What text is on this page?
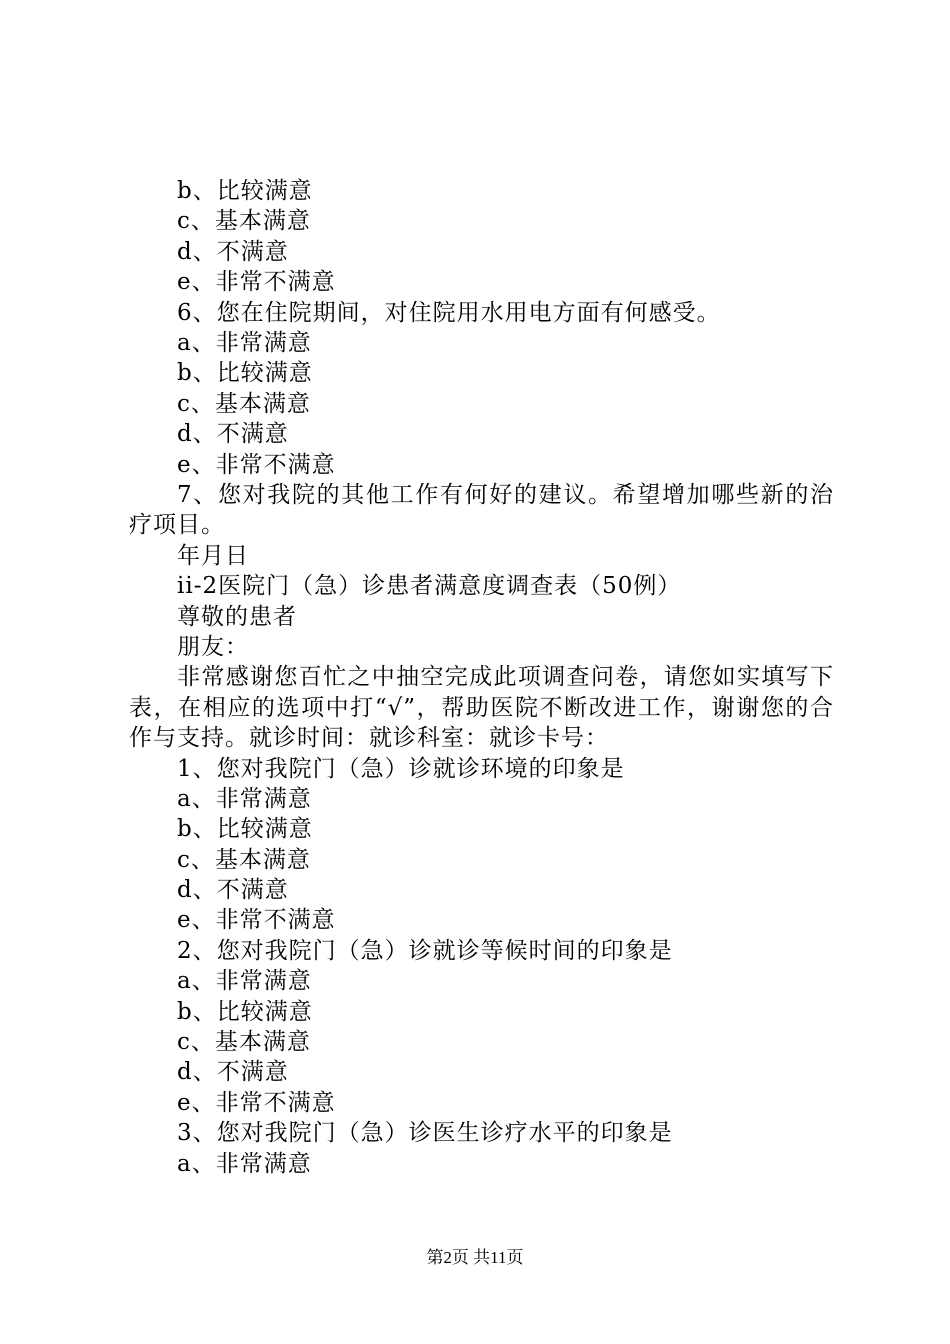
b、比较满意
c、基本满意
d、不满意
e、非常不满意
6、您在住院期间，对住院用水用电方面有何感受。
a、非常满意
b、比较满意
c、基本满意
d、不满意
e、非常不满意
7、您对我院的其他工作有何好的建议。希望增加哪些新的治疗项目。
年月日
ii-2医院门（急）诊患者满意度调查表（50例）
尊敬的患者
朋友：
非常感谢您百忙之中抽空完成此项调查问卷，请您如实填写下表，在相应的选项中打“√”，帮助医院不断改进工作，谢谢您的合作与支持。就诊时间：就诊科室：就诊卡号：
1、您对我院门（急）诊就诊环境的印象是
a、非常满意
b、比较满意
c、基本满意
d、不满意
e、非常不满意
2、您对我院门（急）诊就诊等候时间的印象是
a、非常满意
b、比较满意
c、基本满意
d、不满意
e、非常不满意
3、您对我院门（急）诊医生诊疗水平的印象是
a、非常满意
第2页 共11页
